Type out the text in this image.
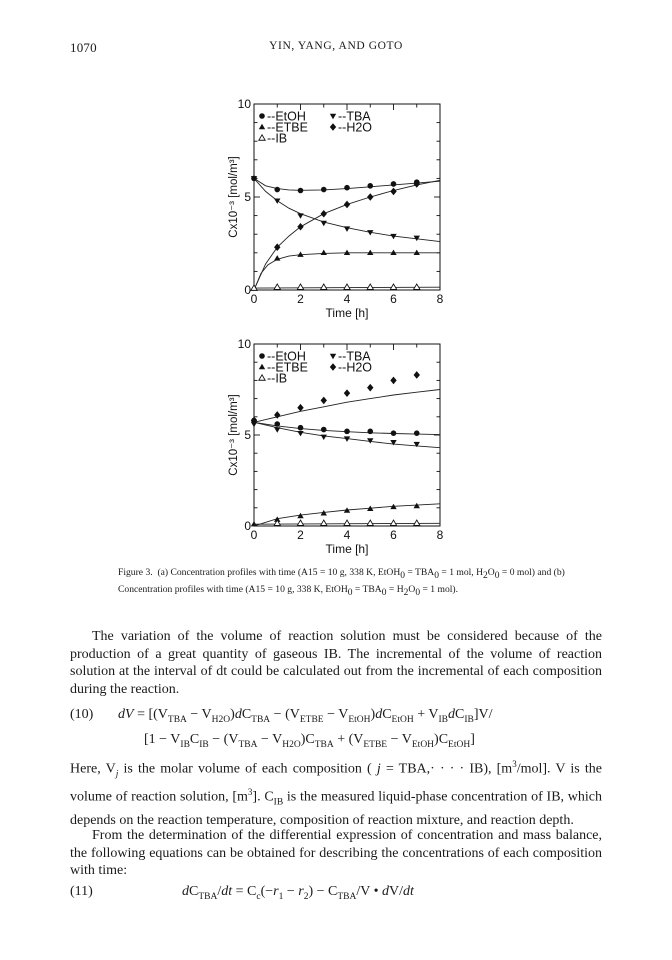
1070	YIN, YANG, AND GOTO
0	2	4	6	8
0
5
10
Time [h]
Cx10⁻³ [mol/m³]
--EtOH	--TBA
--ETBE --H2O
--IB
0	2	4	6	8
0
5
10
Time [h]
Cx10⁻³ [mol/m³]
--EtOH	--TBA
--ETBE --H2O
--IB
Figure 3.  (a) Concentration profiles with time (A15 = 10 g, 338 K, EtOH$_0$ = $TBA_0 = 1$ mol, $H_2O_0 = 0$ mol) and (b) Concentration profiles with time (A15 = 10 g, 338 K, EtOH$_0$ = $TBA_0 = H_2O_0 = 1$ mol).
The variation of the volume of reaction solution must be considered because of the production of a great quantity of gaseous IB. The incremental of the volume of reaction solution at the interval of dt could be calculated out from the incremental of each composition during the reaction.
(10) dV = $[(V_{TBA} - V_{H2O})dC_{TBA} - (V_{ETBE} - V_{EtOH})dC_{EtOH} + V_{IB}dC_{IB}]V/$
$[1 - V_{IB}C_{IB} - (V_{TBA} - V_{H2O})C_{TBA} + (V_{ETBE} - V_{EtOH})C_{EtOH}]$
Here, $V_j$ is the molar volume of each composition ( j = TBA,· · · · IB), $[m^3/mol]$. V is the volume of reaction solution, $[m^3]$. $C_{IB}$ is the measured liquid-phase concentration of IB, which depends on the reaction temperature, composition of reaction mixture, and reaction depth.
From the determination of the differential expression of concentration and mass balance, the following equations can be obtained for describing the concentrations of each composition with time:
(11)	$dC_{TBA}/dt = C_c(-r_1 - r_2) - C_{TBA}/V$ • dV/dt
